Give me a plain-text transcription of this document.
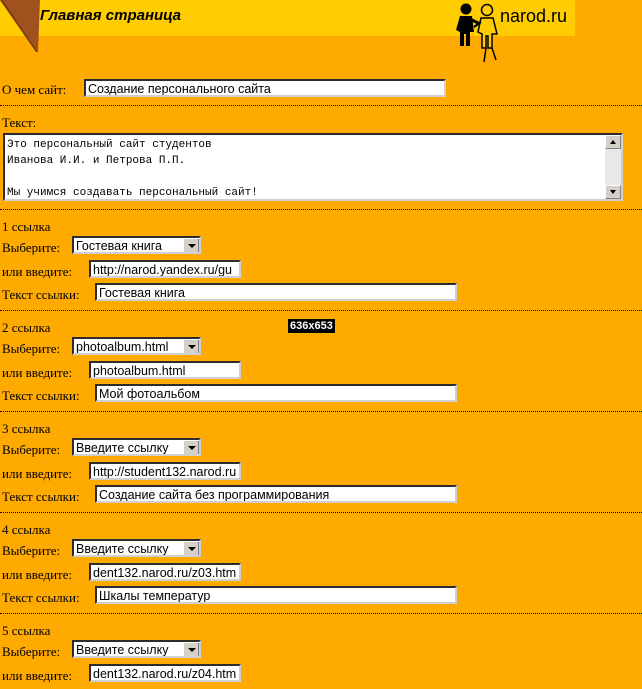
Главная страница	narod.ru
О чем сайт:	Создание персонального сайта
Текст:
Это персональный сайт студентов
Иванова И.И. и Петрова П.П.
Мы учимся создавать персональный сайт!
1 ссылка
Выберите:	Гостевая книга
или введите:	http://narod.yandex.ru/gu
Текст ссылки:	Гостевая книга
2 ссылка	636x653
Выберите:	photoalbum.html
или введите:	photoalbum.html
Текст ссылки:	Мой фотоальбом
3 ссылка
Выберите:	Введите ссылку
или введите:	http://student132.narod.ru
Текст ссылки:	Создание сайта без программирования
4 ссылка
Выберите:	Введите ссылку
или введите:	dent132.narod.ru/z03.htm
Текст ссылки:	Шкалы температур
5 ссылка
Выберите:	Введите ссылку
или введите:	dent132.narod.ru/z04.htm
